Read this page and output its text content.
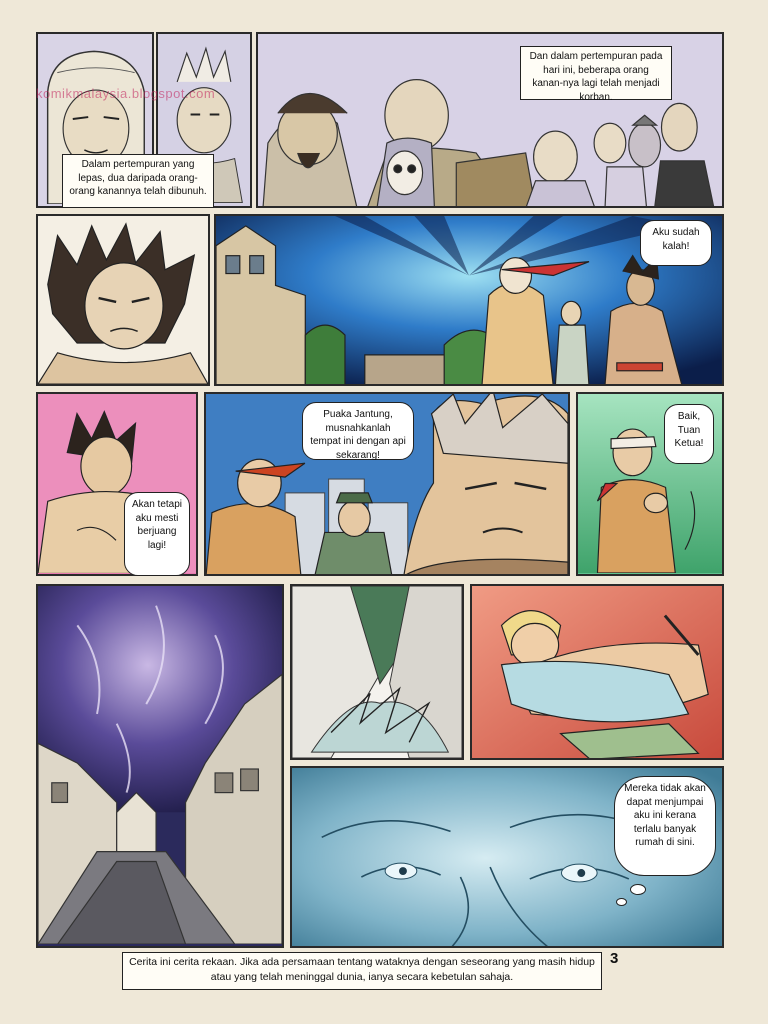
komikmalaysia.blogspot.com
Dalam pertempuran yang lepas, dua daripada orang-orang kanannya telah dibunuh.
Dan dalam pertempuran pada hari ini, beberapa orang kanan-nya lagi telah menjadi korban.
Aku sudah kalah!
Akan tetapi aku mesti berjuang lagi!
Puaka Jantung, musnahkanlah tempat ini dengan api sekarang!
Baik, Tuan Ketua!
Mereka tidak akan dapat menjumpai aku ini kerana terlalu banyak rumah di sini.
Cerita ini cerita rekaan. Jika ada persamaan tentang wataknya dengan seseorang yang masih hidup atau yang telah meninggal dunia, ianya secara kebetulan sahaja.
3
